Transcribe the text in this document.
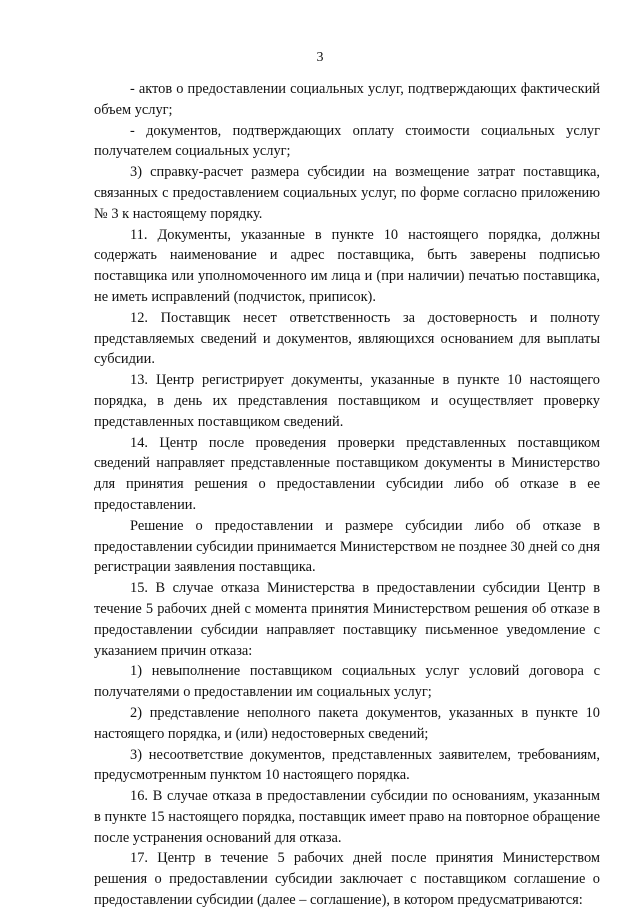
3

- актов о предоставлении социальных услуг, подтверждающих фактический объем услуг;

- документов, подтверждающих оплату стоимости социальных услуг получателем социальных услуг;

3) справку-расчет размера субсидии на возмещение затрат поставщика, связанных с предоставлением социальных услуг, по форме согласно приложению № 3 к настоящему порядку.

11. Документы, указанные в пункте 10 настоящего порядка, должны содержать наименование и адрес поставщика, быть заверены подписью поставщика или уполномоченного им лица и (при наличии) печатью поставщика, не иметь исправлений (подчисток, приписок).

12. Поставщик несет ответственность за достоверность и полноту представляемых сведений и документов, являющихся основанием для выплаты субсидии.

13. Центр регистрирует документы, указанные в пункте 10 настоящего порядка, в день их представления поставщиком и осуществляет проверку представленных поставщиком сведений.

14. Центр после проведения проверки представленных поставщиком сведений направляет представленные поставщиком документы в Министерство для принятия решения о предоставлении субсидии либо об отказе в ее предоставлении.

Решение о предоставлении и размере субсидии либо об отказе в предоставлении субсидии принимается Министерством не позднее 30 дней со дня регистрации заявления поставщика.

15. В случае отказа Министерства в предоставлении субсидии Центр в течение 5 рабочих дней с момента принятия Министерством решения об отказе в предоставлении субсидии направляет поставщику письменное уведомление с указанием причин отказа:

1) невыполнение поставщиком социальных услуг условий договора с получателями о предоставлении им социальных услуг;

2) представление неполного пакета документов, указанных в пункте 10 настоящего порядка, и (или) недостоверных сведений;

3) несоответствие документов, представленных заявителем, требованиям, предусмотренным пунктом 10 настоящего порядка.

16. В случае отказа в предоставлении субсидии по основаниям, указанным в пункте 15 настоящего порядка, поставщик имеет право на повторное обращение после устранения оснований для отказа.

17. Центр в течение 5 рабочих дней после принятия Министерством решения о предоставлении субсидии заключает с поставщиком соглашение о предоставлении субсидии (далее – соглашение), в котором предусматриваются:
